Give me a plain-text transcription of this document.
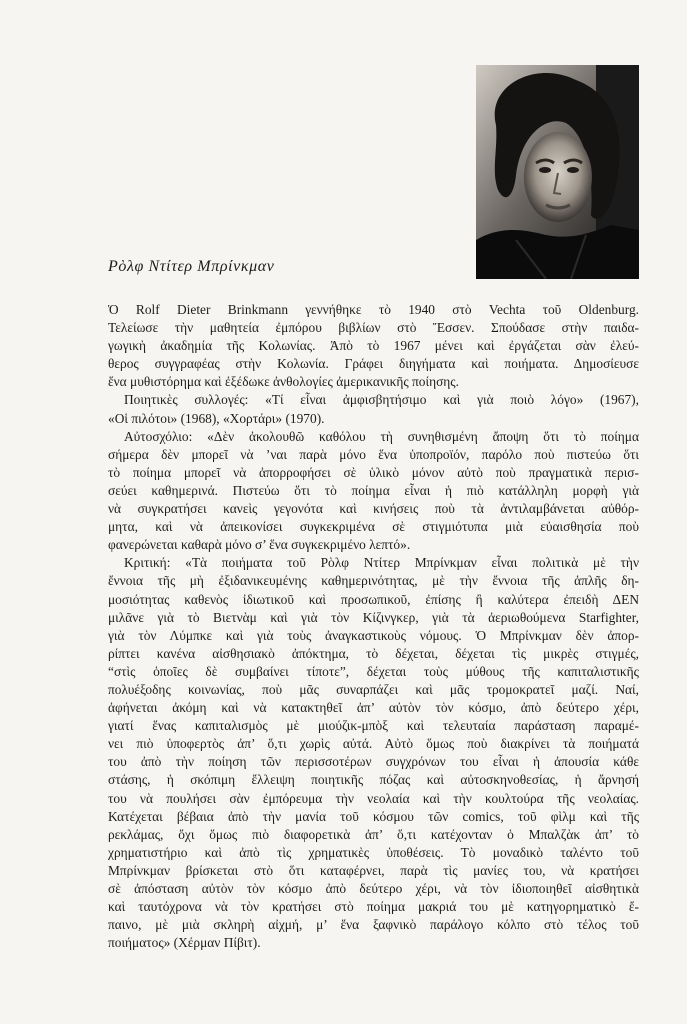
Ρὸλφ Ντίτερ Μπρίνκμαν
Ὁ Rolf Dieter Brinkmann γεννήθηκε τὸ 1940 στὸ Vechta τοῦ Oldenburg.
Τελείωσε τὴν μαθητεία ἐμπόρου βιβλίων στὸ Ἔσσεν. Σπούδασε στὴν παιδα-
γωγικὴ ἀκαδημία τῆς Κολωνίας. Ἀπὸ τὸ 1967 μένει καὶ ἐργάζεται σὰν ἐλεύ-
θερος συγγραφέας στὴν Κολωνία. Γράφει διηγήματα καὶ ποιήματα. Δημοσίευσε
ἕνα μυθιστόρημα καὶ ἐξέδωκε ἀνθολογίες ἀμερικανικῆς ποίησης.
Ποιητικὲς συλλογές: «Τί εἶναι ἀμφισβητήσιμο καὶ γιὰ ποιὸ λόγο» (1967),
«Οἱ πιλότοι» (1968), «Χορτάρι» (1970).
Αὐτοσχόλιο: «Δὲν ἀκολουθῶ καθόλου τὴ συνηθισμένη ἄποψη ὅτι τὸ ποίημα
σήμερα δὲν μπορεῖ νὰ ’ναι παρὰ μόνο ἕνα ὑποπροϊόν, παρόλο ποὺ πιστεύω ὅτι
τὸ ποίημα μπορεῖ νὰ ἀπορροφήσει σὲ ὑλικὸ μόνον αὐτὸ ποὺ πραγματικὰ περισ-
σεύει καθημερινά. Πιστεύω ὅτι τὸ ποίημα εἶναι ἡ πιὸ κατάλληλη μορφὴ γιὰ
νὰ συγκρατήσει κανεὶς γεγονότα καὶ κινήσεις ποὺ τὰ ἀντιλαμβάνεται αὐθόρ-
μητα, καὶ νὰ ἀπεικονίσει συγκεκριμένα σὲ στιγμιότυπα μιὰ εὐαισθησία ποὺ
φανερώνεται καθαρὰ μόνο σ’ ἕνα συγκεκριμένο λεπτό».
Κριτική: «Τὰ ποιήματα τοῦ Ρὸλφ Ντίτερ Μπρίνκμαν εἶναι πολιτικὰ μὲ τὴν
ἔννοια τῆς μὴ ἐξιδανικευμένης καθημερινότητας, μὲ τὴν ἔννοια τῆς ἁπλῆς δη-
μοσιότητας καθενὸς ἰδιωτικοῦ καὶ προσωπικοῦ, ἐπίσης ἢ καλύτερα ἐπειδὴ ΔΕΝ
μιλᾶνε γιὰ τὸ Βιετνὰμ καὶ γιὰ τὸν Κίζινγκερ, γιὰ τὰ ἀεριωθούμενα Starfighter,
γιὰ τὸν Λύμπκε καὶ γιὰ τοὺς ἀναγκαστικοὺς νόμους. Ὁ Μπρίνκμαν δὲν ἀπορ-
ρίπτει κανένα αἰσθησιακὸ ἀπόκτημα, τὸ δέχεται, δέχεται τὶς μικρὲς στιγμές,
“στὶς ὁποῖες δὲ συμβαίνει τίποτε”, δέχεται τοὺς μύθους τῆς καπιταλιστικῆς
πολυέξοδης κοινωνίας, ποὺ μᾶς συναρπάζει καὶ μᾶς τρομοκρατεῖ μαζί. Ναί,
ἀφήνεται ἀκόμη καὶ νὰ κατακτηθεῖ ἀπ’ αὐτὸν τὸν κόσμο, ἀπὸ δεύτερο χέρι,
γιατί ἕνας καπιταλισμὸς μὲ μιούζικ-μπὸξ καὶ τελευταία παράσταση παραμέ-
νει πιὸ ὑποφερτὸς ἀπ’ ὅ,τι χωρὶς αὐτά. Αὐτὸ ὅμως ποὺ διακρίνει τὰ ποιήματά
του ἀπὸ τὴν ποίηση τῶν περισσοτέρων συγχρόνων του εἶναι ἡ ἀπουσία κάθε
στάσης, ἡ σκόπιμη ἔλλειψη ποιητικῆς πόζας καὶ αὐτοσκηνοθεσίας, ἡ ἄρνησή
του νὰ πουλήσει σὰν ἐμπόρευμα τὴν νεολαία καὶ τὴν κουλτούρα τῆς νεολαίας.
Κατέχεται βέβαια ἀπὸ τὴν μανία τοῦ κόσμου τῶν comics, τοῦ φὶλμ καὶ τῆς
ρεκλάμας, ὄχι ὅμως πιὸ διαφορετικὰ ἀπ’ ὅ,τι κατέχονταν ὁ Μπαλζὰκ ἀπ’ τὸ
χρηματιστήριο καὶ ἀπὸ τὶς χρηματικὲς ὑποθέσεις. Τὸ μοναδικὸ ταλέντο τοῦ
Μπρίνκμαν βρίσκεται στὸ ὅτι καταφέρνει, παρὰ τὶς μανίες του, νὰ κρατήσει
σὲ ἀπόσταση αὐτὸν τὸν κόσμο ἀπὸ δεύτερο χέρι, νὰ τὸν ἰδιοποιηθεῖ αἰσθητικὰ
καὶ ταυτόχρονα νὰ τὸν κρατήσει στὸ ποίημα μακριά του μὲ κατηγορηματικὸ ἔ-
παινο, μὲ μιὰ σκληρὴ αἰχμή, μ’ ἕνα ξαφνικὸ παράλογο κόλπο στὸ τέλος τοῦ
ποιήματος» (Χέρμαν Πίβιτ).
